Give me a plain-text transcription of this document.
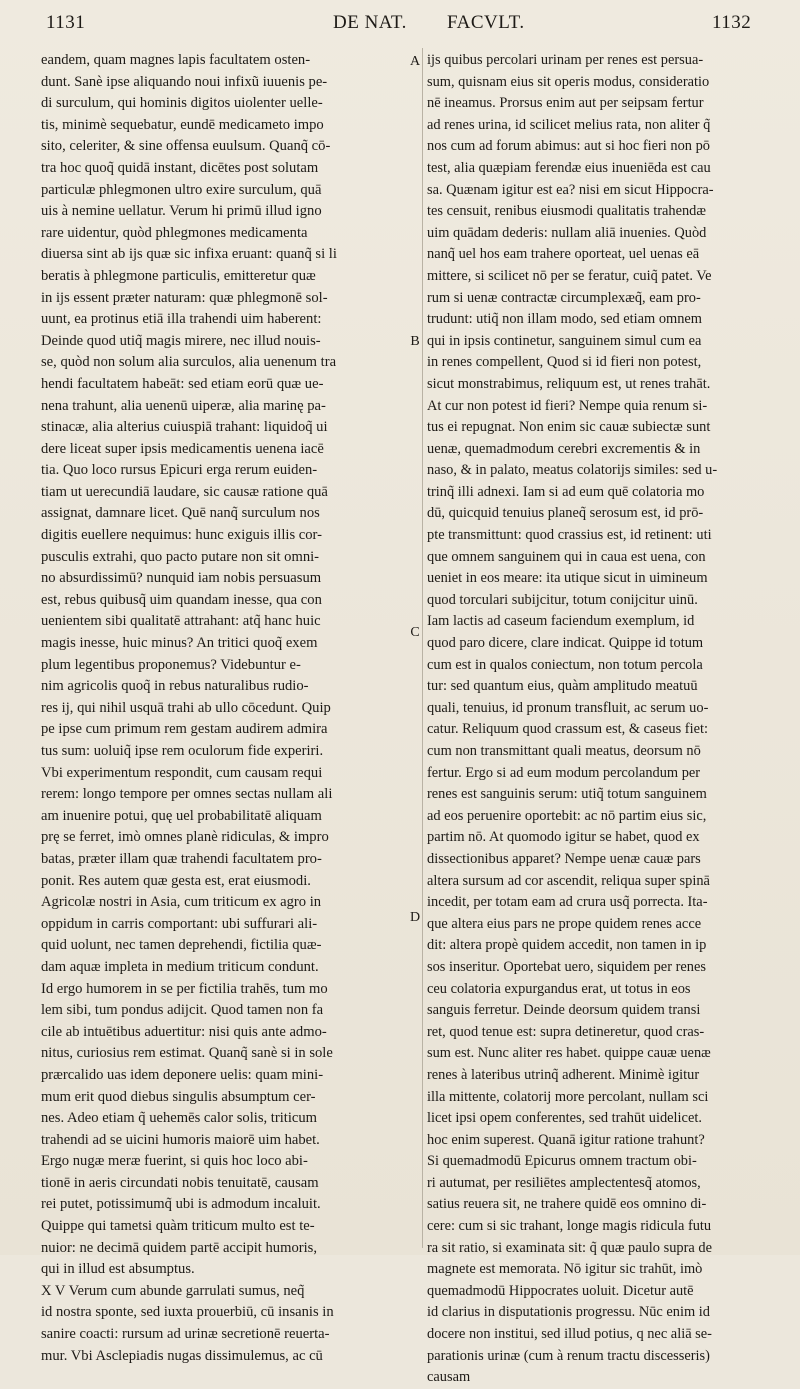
1131	DE NAT. FACVLT.	1132
A
B
C
D
eandem, quam magnes lapis facultatem osten-
dunt. Sanè ipse aliquando noui infixũ iuuenis pe-
di surculum, qui hominis digitos uiolenter uelle-
tis, minimè sequebatur, eundē medicameto impo
sito, celeriter, & sine offensa euulsum. Quanq̃ cō-
tra hoc quoq̃ quidā instant, dicētes post solutam
particulæ phlegmonen ultro exire surculum, quā
uis à nemine uellatur. Verum hi primū illud igno
rare uidentur, quòd phlegmones medicamenta
diuersa sint ab ijs quæ sic infixa eruant: quanq̃ si li
beratis à phlegmone particulis, emitteretur quæ
in ijs essent præter naturam: quæ phlegmonē sol-
uunt, ea protinus etiā illa trahendi uim haberent:
Deinde quod utiq̃ magis mirere, nec illud nouis-
se, quòd non solum alia surculos, alia uenenum tra
hendi facultatem habeāt: sed etiam eorū quæ ue-
nena trahunt, alia uenenū uiperæ, alia marinę pa-
stinacæ, alia alterius cuiuspiā trahant: liquidoq̃ ui
dere liceat super ipsis medicamentis uenena iacē
tia. Quo loco rursus Epicuri erga rerum euiden-
tiam ut uerecundiā laudare, sic causæ ratione quā
assignat, damnare licet. Quē nanq̃ surculum nos
digitis euellere nequimus: hunc exiguis illis cor-
pusculis extrahi, quo pacto putare non sit omni-
no absurdissimū? nunquid iam nobis persuasum
est, rebus quibusq̃ uim quandam inesse, qua con
uenientem sibi qualitatē attrahant: atq̃ hanc huic
magis inesse, huic minus? An tritici quoq̃ exem
plum legentibus proponemus? Videbuntur e-
nim agricolis quoq̃ in rebus naturalibus rudio-
res ij, qui nihil usquā trahi ab ullo cōcedunt. Quip
pe ipse cum primum rem gestam audirem admira
tus sum: uoluiq̃ ipse rem oculorum fide experiri.
Vbi experimentum respondit, cum causam requi
rerem: longo tempore per omnes sectas nullam ali
am inuenire potui, quę uel probabilitatē aliquam
prę se ferret, imò omnes planè ridiculas, & impro
batas, præter illam quæ trahendi facultatem pro-
ponit. Res autem quæ gesta est, erat eiusmodi.
Agricolæ nostri in Asia, cum triticum ex agro in
oppidum in carris comportant: ubi suffurari ali-
quid uolunt, nec tamen deprehendi, fictilia quæ-
dam aquæ impleta in medium triticum condunt.
Id ergo humorem in se per fictilia trahēs, tum mo
lem sibi, tum pondus adijcit. Quod tamen non fa
cile ab intuētibus aduertitur: nisi quis ante admo-
nitus, curiosius rem estimat. Quanq̃ sanè si in sole
prærcalido uas idem deponere uelis: quam mini-
mum erit quod diebus singulis absumptum cer-
nes. Adeo etiam q̃ uehemēs calor solis, triticum
trahendi ad se uicini humoris maiorē uim habet.
Ergo nugæ meræ fuerint, si quis hoc loco abi-
tionē in aeris circundati nobis tenuitatē, causam
rei putet, potissimumq̃ ubi is admodum incaluit.
Quippe qui tametsi quàm triticum multo est te-
nuior: ne decimā quidem partē accipit humoris,
qui in illud est absumptus.
X V Verum cum abunde garrulati sumus, neq̃
id nostra sponte, sed iuxta prouerbiū, cū insanis in
sanire coacti: rursum ad urinæ secretionē reuerta-
mur. Vbi Asclepiadis nugas dissimulemus, ac cū
ijs quibus percolari urinam per renes est persua-
sum, quisnam eius sit operis modus, consideratio
nē ineamus. Prorsus enim aut per seipsam fertur
ad renes urina, id scilicet melius rata, non aliter q̃
nos cum ad forum abimus: aut si hoc fieri non pō
test, alia quæpiam ferendæ eius inueniēda est cau
sa. Quænam igitur est ea? nisi em sicut Hippocra-
tes censuit, renibus eiusmodi qualitatis trahendæ
uim quādam dederis: nullam aliā inuenies. Quòd
nanq̃ uel hos eam trahere oporteat, uel uenas eā
mittere, si scilicet nō per se feratur, cuiq̃ patet. Ve
rum si uenæ contractæ circumplexæq̃, eam pro-
trudunt: utiq̃ non illam modo, sed etiam omnem
qui in ipsis continetur, sanguinem simul cum ea
in renes compellent, Quod si id fieri non potest,
sicut monstrabimus, reliquum est, ut renes trahāt.
At cur non potest id fieri? Nempe quia renum si-
tus ei repugnat. Non enim sic cauæ subiectæ sunt
uenæ, quemadmodum cerebri excrementis & in
naso, & in palato, meatus colatorijs similes: sed u-
trinq̃ illi adnexi. Iam si ad eum quē colatoria mo
dū, quicquid tenuius planeq̃ serosum est, id prō-
pte transmittunt: quod crassius est, id retinent: uti
que omnem sanguinem qui in caua est uena, con
ueniet in eos meare: ita utique sicut in uimineum
quod torculari subijcitur, totum conijcitur uinū.
Iam lactis ad caseum faciendum exemplum, id
quod paro dicere, clare indicat. Quippe id totum
cum est in qualos coniectum, non totum percola
tur: sed quantum eius, quàm amplitudo meatuū
quali, tenuius, id pronum transfluit, ac serum uo-
catur. Reliquum quod crassum est, & caseus fiet:
cum non transmittant quali meatus, deorsum nō
fertur. Ergo si ad eum modum percolandum per
renes est sanguinis serum: utiq̃ totum sanguinem
ad eos peruenire oportebit: ac nō partim eius sic,
partim nō. At quomodo igitur se habet, quod ex
dissectionibus apparet? Nempe uenæ cauæ pars
altera sursum ad cor ascendit, reliqua super spinā
incedit, per totam eam ad crura usq̃ porrecta. Ita-
que altera eius pars ne prope quidem renes acce
dit: altera propè quidem accedit, non tamen in ip
sos inseritur. Oportebat uero, siquidem per renes
ceu colatoria expurgandus erat, ut totus in eos
sanguis ferretur. Deinde deorsum quidem transi
ret, quod tenue est: supra detineretur, quod cras-
sum est. Nunc aliter res habet. quippe cauæ uenæ
renes à lateribus utrinq̃ adherent. Minimè igitur
illa mittente, colatorij more percolant, nullam sci
licet ipsi opem conferentes, sed trahūt uidelicet.
hoc enim superest. Quanā igitur ratione trahunt?
Si quemadmodū Epicurus omnem tractum obi-
ri autumat, per resiliētes amplectentesq̃ atomos,
satius reuera sit, ne trahere quidē eos omnino di-
cere: cum si sic trahant, longe magis ridicula futu
ra sit ratio, si examinata sit: q̃ quæ paulo supra de
magnete est memorata. Nō igitur sic trahūt, imò
quemadmodū Hippocrates uoluit. Dicetur autē
id clarius in disputationis progressu. Nūc enim id
docere non institui, sed illud potius, q nec aliā se-
parationis urinæ (cum à renum tractu discesseris)
causam
